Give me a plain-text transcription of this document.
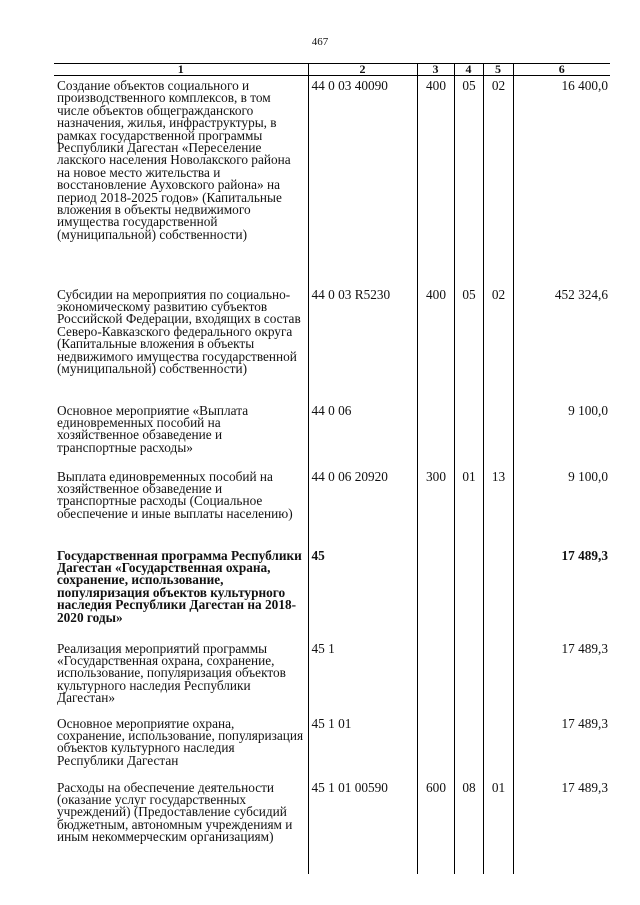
467
1	2	3	4	5	6
Создание объектов социального и производственного комплексов, в том числе объектов общегражданского назначения, жилья, инфраструктуры, в рамках государственной программы Республики Дагестан «Переселение лакского населения Новолакского района на новое место жительства и восстановление Ауховского района» на период 2018-2025 годов» (Капитальные вложения в объекты недвижимого имущества государственной (муниципальной) собственности)	44 0 03 40090	400	05	02	16 400,0
Субсидии на мероприятия по социально-экономическому развитию субъектов Российской Федерации, входящих в состав Северо-Кавказского федерального округа (Капитальные вложения в объекты недвижимого имущества государственной (муниципальной) собственности)	44 0 03 R5230	400	05	02	452 324,6
Основное мероприятие «Выплата единовременных пособий на хозяйственное обзаведение и транспортные расходы»	44 0 06				9 100,0
Выплата единовременных пособий на хозяйственное обзаведение и транспортные расходы (Социальное обеспечение и иные выплаты населению)	44 0 06 20920	300	01	13	9 100,0
Государственная программа Республики Дагестан «Государственная охрана, сохранение, использование, популяризация объектов культурного наследия Республики Дагестан на 2018-2020 годы»	45				17 489,3
Реализация мероприятий программы «Государственная охрана, сохранение, использование, популяризация объектов культурного наследия Республики Дагестан»	45 1				17 489,3
Основное мероприятие охрана, сохранение, использование, популяризация объектов культурного наследия Республики Дагестан	45 1 01				17 489,3
Расходы на обеспечение деятельности (оказание услуг государственных учреждений) (Предоставление субсидий бюджетным, автономным учреждениям и иным некоммерческим организациям)	45 1 01 00590	600	08	01	17 489,3
